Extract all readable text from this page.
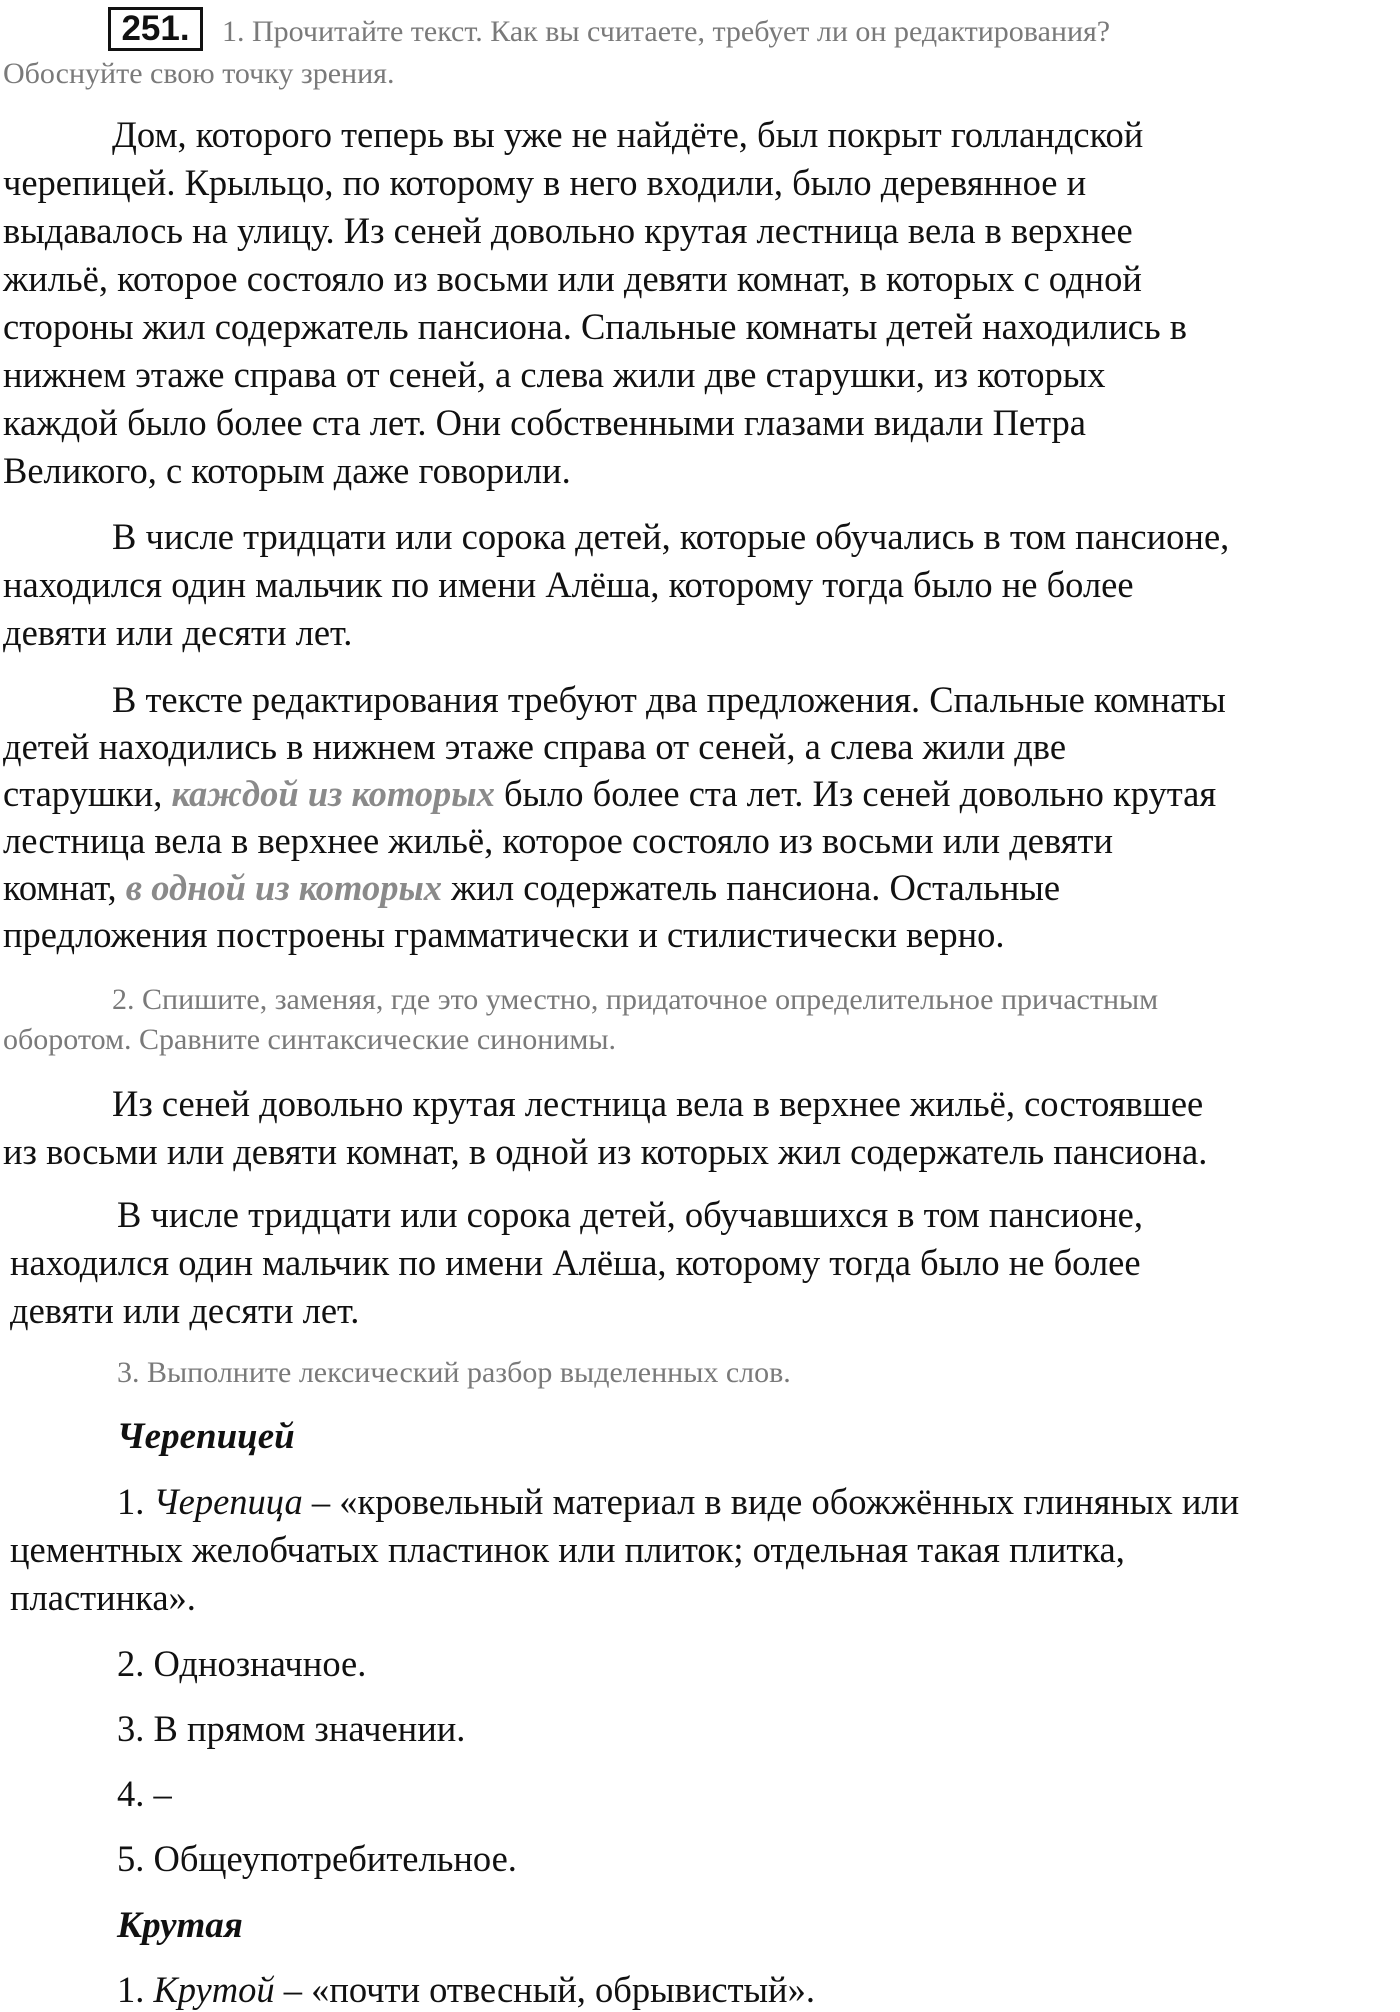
251.	1. Прочитайте текст. Как вы считаете, требует ли он редактирования?
Обоснуйте свою точку зрения.
Дом, которого теперь вы уже не найдёте, был покрыт голландской
черепицей. Крыльцо, по которому в него входили, было деревянное и
выдавалось на улицу. Из сеней довольно крутая лестница вела в верхнее
жильё, которое состояло из восьми или девяти комнат, в которых с одной
стороны жил содержатель пансиона. Спальные комнаты детей находились в
нижнем этаже справа от сеней, а слева жили две старушки, из которых
каждой было более ста лет. Они собственными глазами видали Петра
Великого, с которым даже говорили.
В числе тридцати или сорока детей, которые обучались в том пансионе,
находился один мальчик по имени Алёша, которому тогда было не более
девяти или десяти лет.
В тексте редактирования требуют два предложения. Спальные комнаты
детей находились в нижнем этаже справа от сеней, а слева жили две
старушки, каждой из которых было более ста лет. Из сеней довольно крутая
лестница вела в верхнее жильё, которое состояло из восьми или девяти
комнат, в одной из которых жил содержатель пансиона. Остальные
предложения построены грамматически и стилистически верно.
2. Спишите, заменяя, где это уместно, придаточное определительное причастным
оборотом. Сравните синтаксические синонимы.
Из сеней довольно крутая лестница вела в верхнее жильё, состоявшее
из восьми или девяти комнат, в одной из которых жил содержатель пансиона.
В числе тридцати или сорока детей, обучавшихся в том пансионе,
находился один мальчик по имени Алёша, которому тогда было не более
девяти или десяти лет.
3. Выполните лексический разбор выделенных слов.
Черепицей
1. Черепица – «кровельный материал в виде обожжённых глиняных или
цементных желобчатых пластинок или плиток; отдельная такая плитка,
пластинка».
2. Однозначное.
3. В прямом значении.
4. –
5. Общеупотребительное.
Крутая
1. Крутой – «почти отвесный, обрывистый».
